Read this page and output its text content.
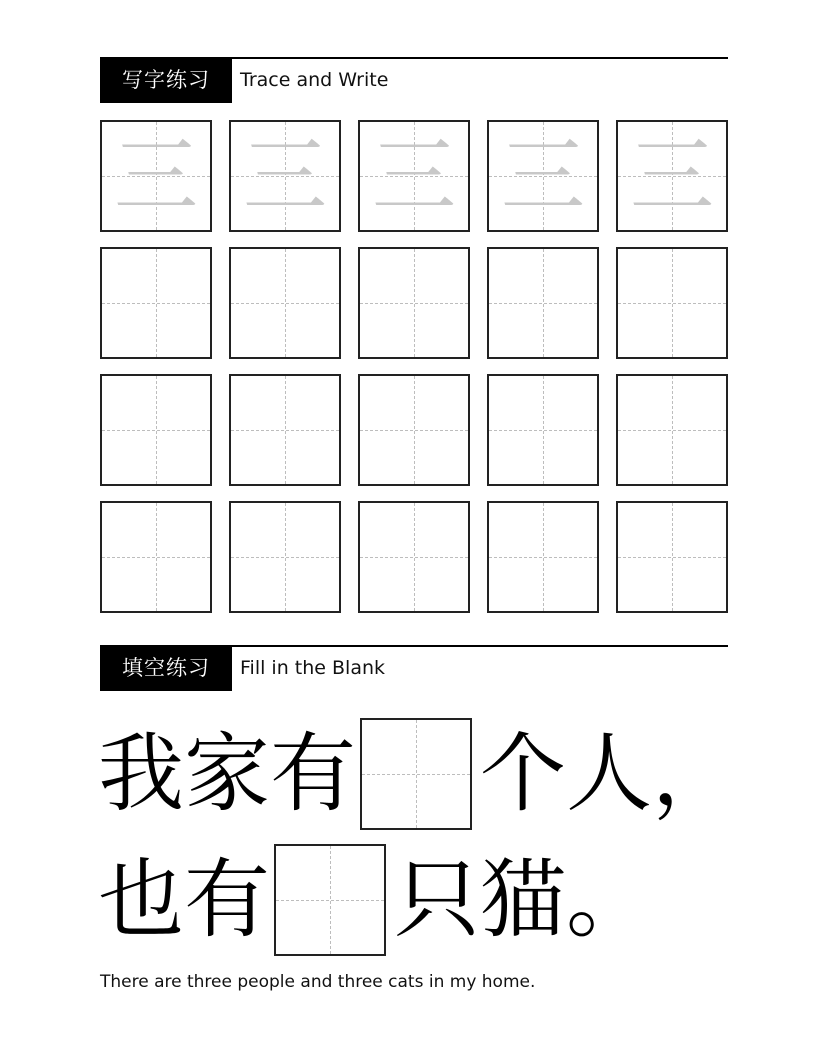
写字练习	Trace and Write
三 三 三 三 三
填空练习	Fill in the Blank
我家有 个人，
也有 只猫。
There are three people and three cats in my home.
